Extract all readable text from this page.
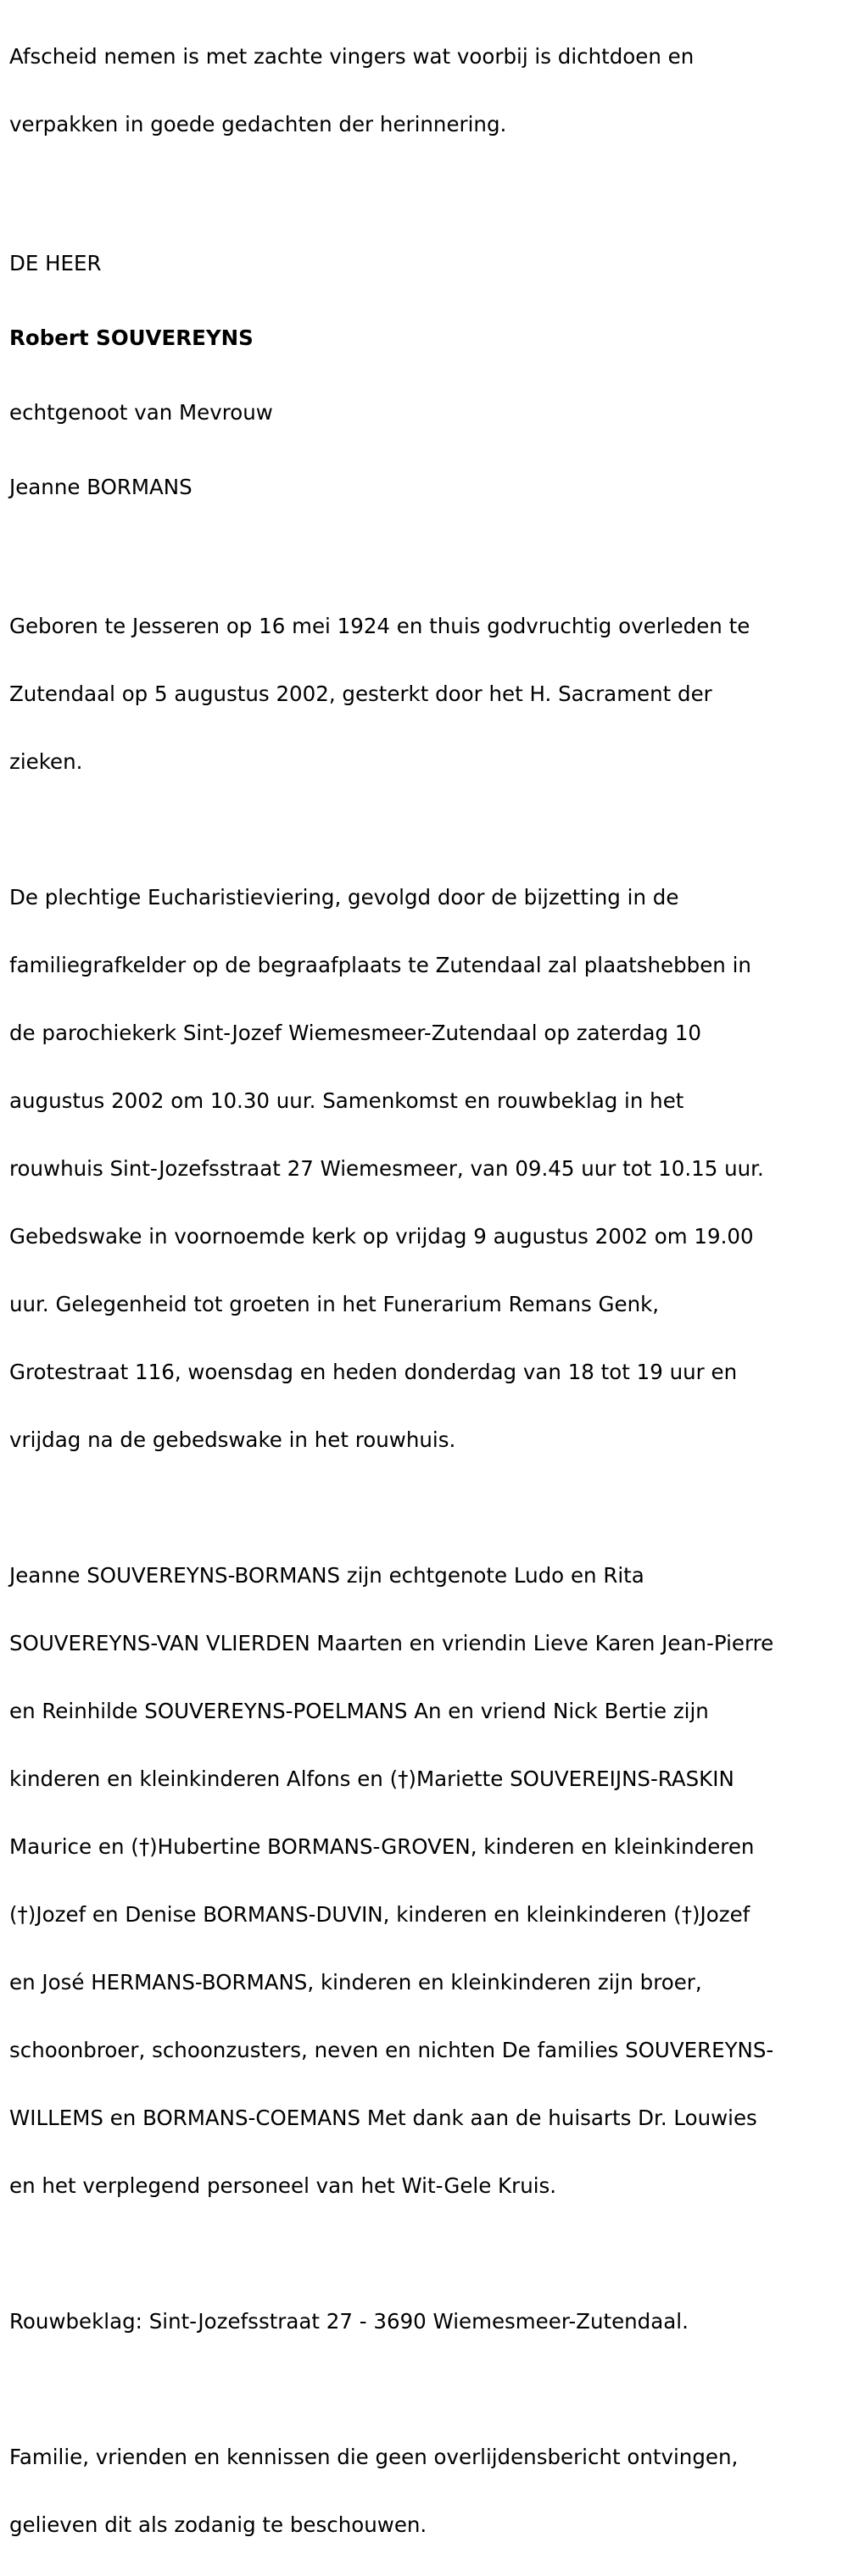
Afscheid nemen is met zachte vingers wat voorbij is dichtdoen en

verpakken in goede gedachten der herinnering.

DE HEER

Robert SOUVEREYNS

echtgenoot van Mevrouw

Jeanne BORMANS

Geboren te Jesseren op 16 mei 1924 en thuis godvruchtig overleden te

Zutendaal op 5 augustus 2002, gesterkt door het H. Sacrament der

zieken.

De plechtige Eucharistieviering, gevolgd door de bijzetting in de

familiegrafkelder op de begraafplaats te Zutendaal zal plaatshebben in

de parochiekerk Sint-Jozef Wiemesmeer-Zutendaal op zaterdag 10

augustus 2002 om 10.30 uur. Samenkomst en rouwbeklag in het

rouwhuis Sint-Jozefsstraat 27 Wiemesmeer, van 09.45 uur tot 10.15 uur.

Gebedswake in voornoemde kerk op vrijdag 9 augustus 2002 om 19.00

uur. Gelegenheid tot groeten in het Funerarium Remans Genk,

Grotestraat 116, woensdag en heden donderdag van 18 tot 19 uur en

vrijdag na de gebedswake in het rouwhuis.

Jeanne SOUVEREYNS-BORMANS zijn echtgenote Ludo en Rita

SOUVEREYNS-VAN VLIERDEN Maarten en vriendin Lieve Karen Jean-Pierre

en Reinhilde SOUVEREYNS-POELMANS An en vriend Nick Bertie zijn

kinderen en kleinkinderen Alfons en (†)Mariette SOUVEREIJNS-RASKIN

Maurice en (†)Hubertine BORMANS-GROVEN, kinderen en kleinkinderen

(†)Jozef en Denise BORMANS-DUVIN, kinderen en kleinkinderen (†)Jozef

en José HERMANS-BORMANS, kinderen en kleinkinderen zijn broer,

schoonbroer, schoonzusters, neven en nichten De families SOUVEREYNS-

WILLEMS en BORMANS-COEMANS Met dank aan de huisarts Dr. Louwies

en het verplegend personeel van het Wit-Gele Kruis.

Rouwbeklag: Sint-Jozefsstraat 27 - 3690 Wiemesmeer-Zutendaal.

Familie, vrienden en kennissen die geen overlijdensbericht ontvingen,

gelieven dit als zodanig te beschouwen.
